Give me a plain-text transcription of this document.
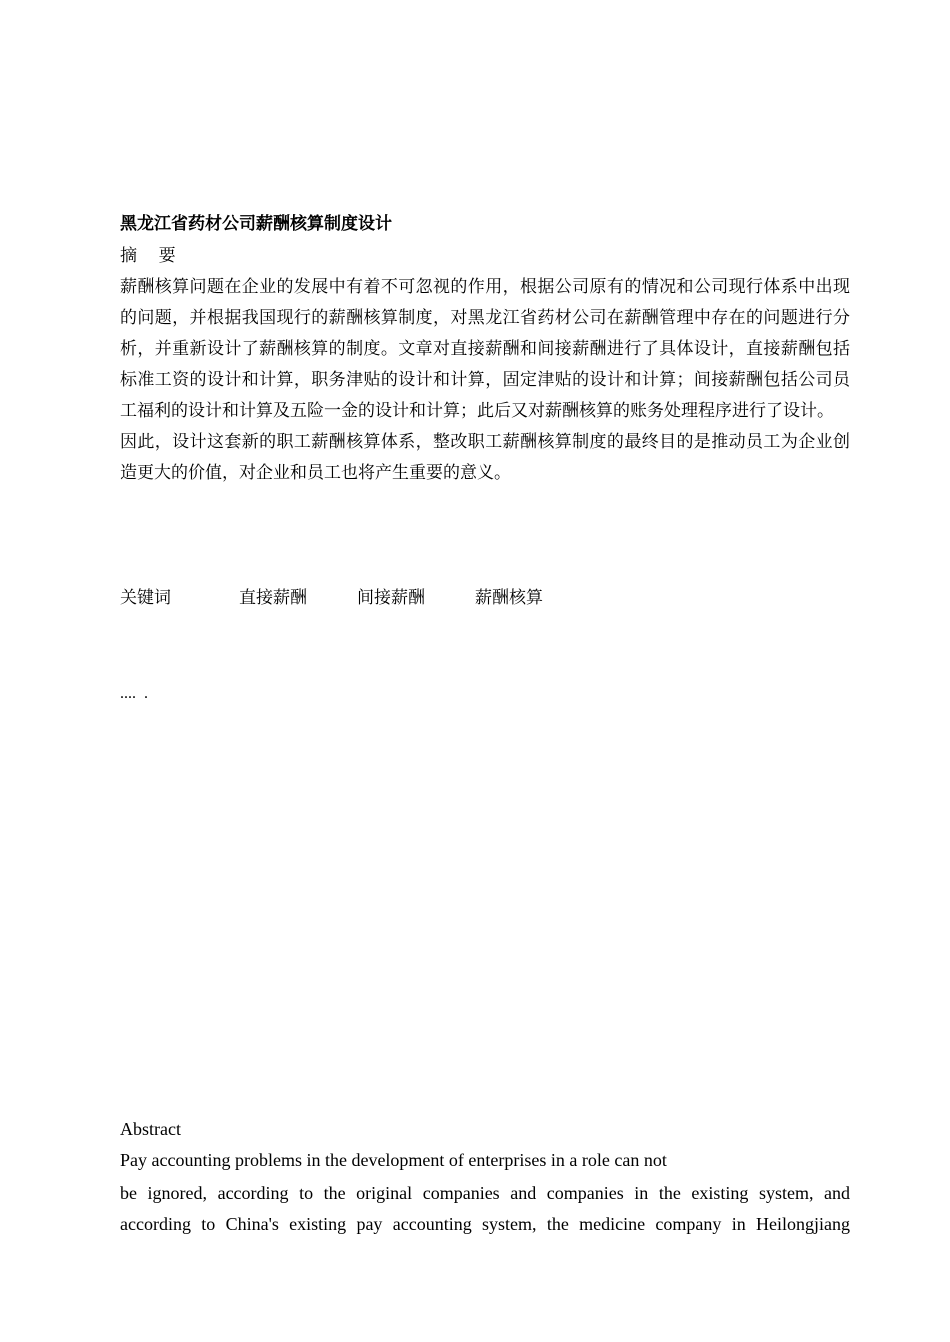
黑龙江省药材公司薪酬核算制度设计
摘    要

薪酬核算问题在企业的发展中有着不可忽视的作用，根据公司原有的情况和公司现行体系中出现的问题，并根据我国现行的薪酬核算制度，对黑龙江省药材公司在薪酬管理中存在的问题进行分析，并重新设计了薪酬核算的制度。文章对直接薪酬和间接薪酬进行了具体设计，直接薪酬包括标准工资的设计和计算，职务津贴的设计和计算，固定津贴的设计和计算；间接薪酬包括公司员工福利的设计和计算及五险一金的设计和计算；此后又对薪酬核算的账务处理程序进行了设计。

因此，设计这套新的职工薪酬核算体系，整改职工薪酬核算制度的最终目的是推动员工为企业创造更大的价值，对企业和员工也将产生重要的意义。

关键词	直接薪酬	间接薪酬	薪酬核算
....  .
Abstract
Pay accounting problems in the development of enterprises in a role can not

be ignored, according to the original companies and companies in the existing system, and

according to China's existing pay accounting system, the medicine company in Heilongjiang
